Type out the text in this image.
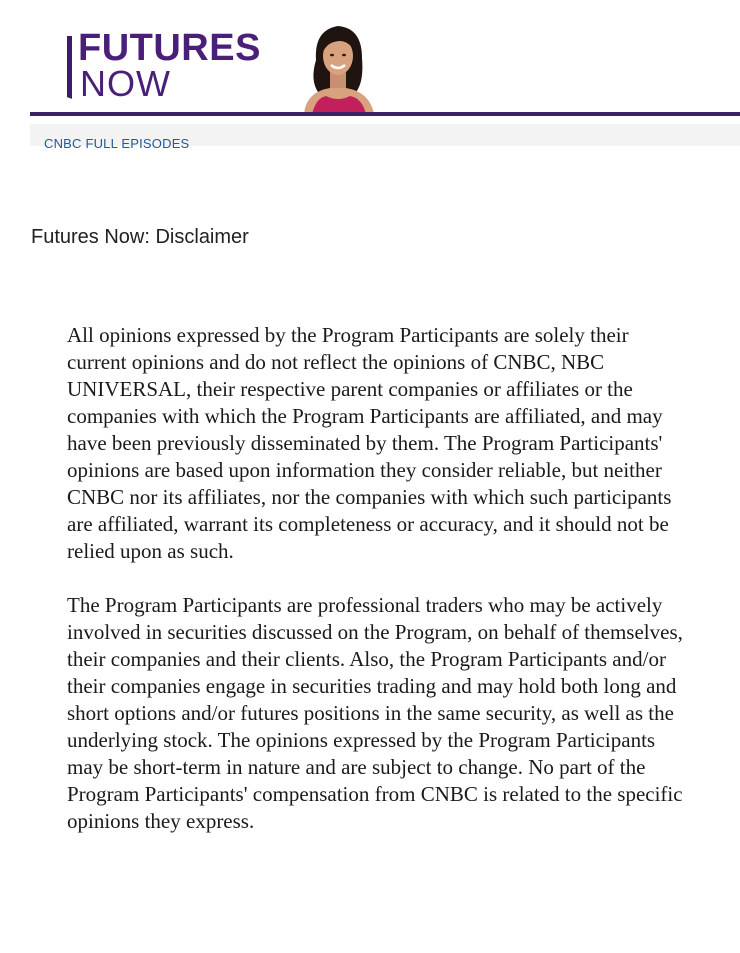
FUTURES
NOW
CNBC FULL EPISODES
Futures Now: Disclaimer

All opinions expressed by the Program Participants are solely their current opinions and do not reflect the opinions of CNBC, NBC UNIVERSAL, their respective parent companies or affiliates or the companies with which the Program Participants are affiliated, and may have been previously disseminated by them. The Program Participants' opinions are based upon information they consider reliable, but neither CNBC nor its affiliates, nor the companies with which such participants are affiliated, warrant its completeness or accuracy, and it should not be relied upon as such.

The Program Participants are professional traders who may be actively involved in securities discussed on the Program, on behalf of themselves, their companies and their clients. Also, the Program Participants and/or their companies engage in securities trading and may hold both long and short options and/or futures positions in the same security, as well as the underlying stock. The opinions expressed by the Program Participants may be short-term in nature and are subject to change. No part of the Program Participants' compensation from CNBC is related to the specific opinions they express.
